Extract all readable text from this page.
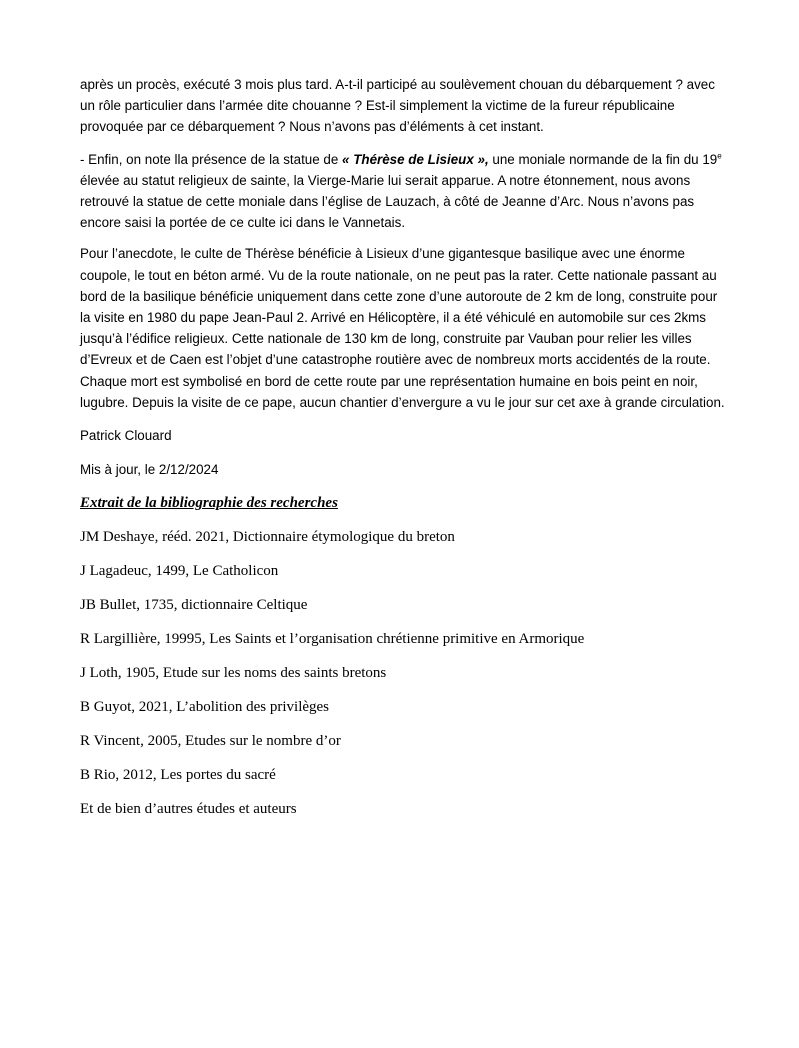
après un procès, exécuté 3 mois plus tard. A-t-il participé au soulèvement chouan du débarquement ? avec un rôle particulier dans l’armée dite chouanne ? Est-il simplement la victime de la fureur républicaine provoquée par ce débarquement ? Nous n’avons pas d’éléments à cet instant.

- Enfin, on note lla présence de la statue de « Thérèse de Lisieux », une moniale normande de la fin du 19e élevée au statut religieux de sainte, la Vierge-Marie lui serait apparue. A notre étonnement, nous avons retrouvé la statue de cette moniale dans l’église de Lauzach, à côté de Jeanne d’Arc. Nous n’avons pas encore saisi la portée de ce culte ici dans le Vannetais.

Pour l’anecdote, le culte de Thérèse bénéficie à Lisieux d’une gigantesque basilique avec une énorme coupole, le tout en béton armé. Vu de la route nationale, on ne peut pas la rater. Cette nationale passant au bord de la basilique bénéficie uniquement dans cette zone d’une autoroute de 2 km de long, construite pour la visite en 1980 du pape Jean-Paul 2. Arrivé en Hélicoptère, il a été véhiculé en automobile sur ces 2kms jusqu’à l’édifice religieux. Cette nationale de 130 km de long, construite par Vauban pour relier les villes d’Evreux et de Caen est l’objet d’une catastrophe routière avec de nombreux morts accidentés de la route. Chaque mort est symbolisé en bord de cette route par une représentation humaine en bois peint en noir, lugubre. Depuis la visite de ce pape, aucun chantier d’envergure a vu le jour sur cet axe à grande circulation.

Patrick Clouard

Mis à jour, le 2/12/2024

Extrait de la bibliographie des recherches

JM Deshaye, rééd. 2021, Dictionnaire étymologique du breton

J Lagadeuc, 1499, Le Catholicon

JB Bullet, 1735, dictionnaire Celtique

R Largillière, 19995, Les Saints et l’organisation chrétienne primitive en Armorique

J Loth, 1905, Etude sur les noms des saints bretons

B Guyot, 2021, L’abolition des privilèges

R Vincent, 2005, Etudes sur le nombre d’or

B Rio, 2012, Les portes du sacré

Et de bien d’autres études et auteurs
